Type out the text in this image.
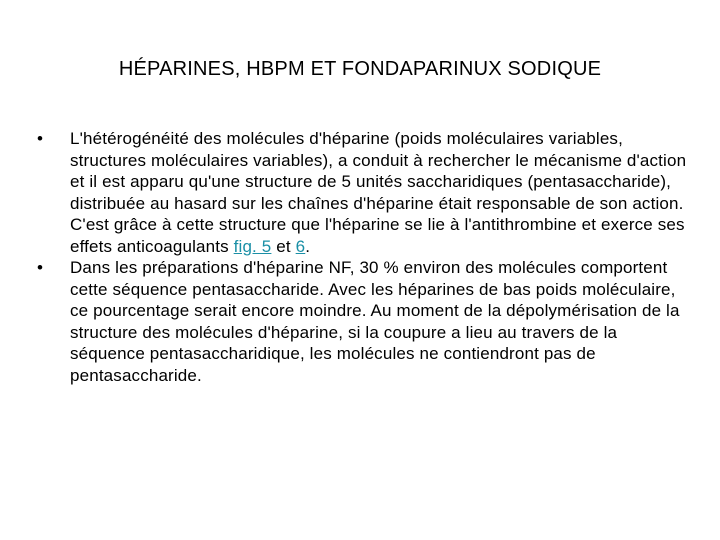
HÉPARINES, HBPM ET FONDAPARINUX SODIQUE
•	L'hétérogénéité des molécules d'héparine (poids moléculaires variables, structures moléculaires variables), a conduit à rechercher le mécanisme d'action et il est apparu qu'une structure de 5 unités saccharidiques (pentasaccharide), distribuée au hasard sur les chaînes d'héparine était responsable de son action. C'est grâce à cette structure que l'héparine se lie à l'antithrombine et exerce ses effets anticoagulants fig. 5 et 6.
•	Dans les préparations d'héparine NF, 30 % environ des molécules comportent cette séquence pentasaccharide. Avec les héparines de bas poids moléculaire, ce pourcentage serait encore moindre. Au moment de la dépolymérisation de la structure des molécules d'héparine, si la coupure a lieu au travers de la séquence pentasaccharidique, les molécules ne contiendront pas de pentasaccharide.
